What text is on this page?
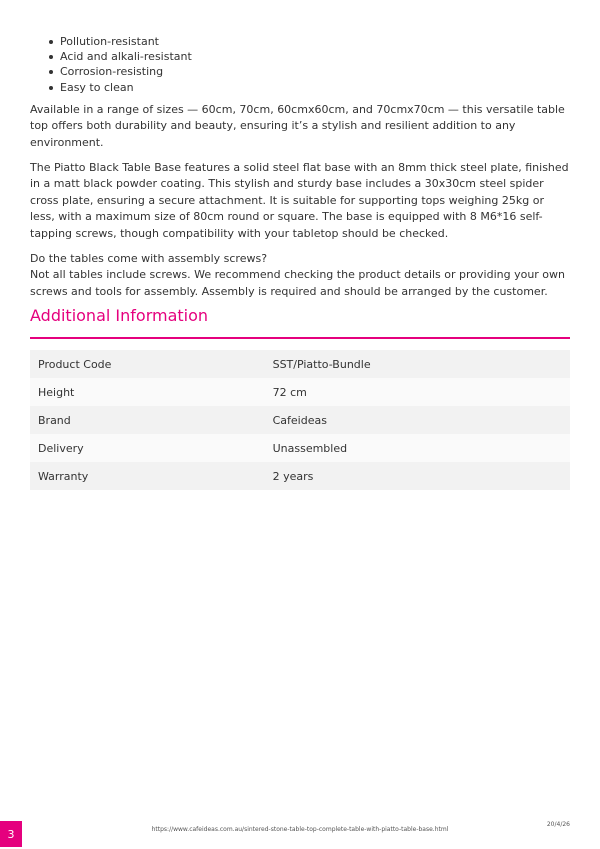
Pollution-resistant
Acid and alkali-resistant
Corrosion-resisting
Easy to clean

Available in a range of sizes — 60cm, 70cm, 60cmx60cm, and 70cmx70cm — this versatile table top offers both durability and beauty, ensuring it’s a stylish and resilient addition to any environment.

The Piatto Black Table Base features a solid steel flat base with an 8mm thick steel plate, finished in a matt black powder coating. This stylish and sturdy base includes a 30x30cm steel spider cross plate, ensuring a secure attachment. It is suitable for supporting tops weighing 25kg or less, with a maximum size of 80cm round or square. The base is equipped with 8 M6*16 self-tapping screws, though compatibility with your tabletop should be checked.

Do the tables come with assembly screws?
Not all tables include screws. We recommend checking the product details or providing your own screws and tools for assembly. Assembly is required and should be arranged by the customer.

Additional Information
Product Code	SST/Piatto-Bundle
Height	72 cm
Brand	Cafeideas
Delivery	Unassembled
Warranty	2 years
3
20/4/26
https://www.cafeideas.com.au/sintered-stone-table-top-complete-table-with-piatto-table-base.html
